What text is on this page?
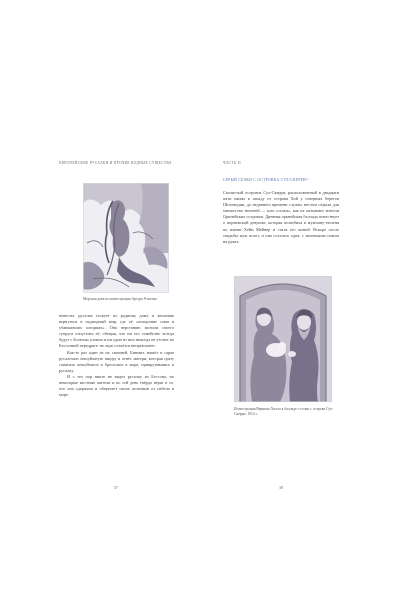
ЕВРОПЕЙСКИЕ РУСАЛКИ И ПРОЧИЕ ВОДНЫЕ СУЩЕСТВА
Морская дева из иллюстрации Артуро Рэкхэма

невесты: русалка тоскует по родному дому и желанию вернуться в подводный мир, где её «похоронят сами в убаюкавших штормах». Она верстанию могили своего супруга отпустить её, обещая, что ни его семейство всегда будут с богатым уловом и ни один из них никогда не утонет во Бессонной передряге: но муж остаётся непреклонен.

Как-то раз один из их сыновей, Бинмит, нашёл в сарае русалочью чешуйчатую шкуру и отнёс матери, которая сразу схватила чешуйчатое и бросилась в море, прикрутившись в русалку.

И с тех пор никто не видел русалку из Бессона, но некоторые местные жители и по сей день твёрдо верят в то, что она сдержала и оберегает своих потомков от гибели в море.

37
ЧАСТЬ II
СЕРЫЙ СЕЛКИ С ОСТРОВКА СУЛ-СКЕРРИ²²

Скалистый островок Сул-Скерри, расположенный в двадцати пяти милях к западу от острова Хой у северных берегов Шотландии, до недавнего времени служил местом отдыха для множества тюленей — или «селки», как их называют жители Оркнейских островов. Древняя оркнейская баллада повествует о норвежской девушке, которая полюбила в мужчину-тюленя по имени Хейн Мейнер и стала его женой. Вскоре после свадьбы муж исчез, и она осталась одна, с маленьким сыном на руках.

Иллюстрация Вернона Хилла к балладе о селки с острова Сул-Скерри, 1912 г.
38
